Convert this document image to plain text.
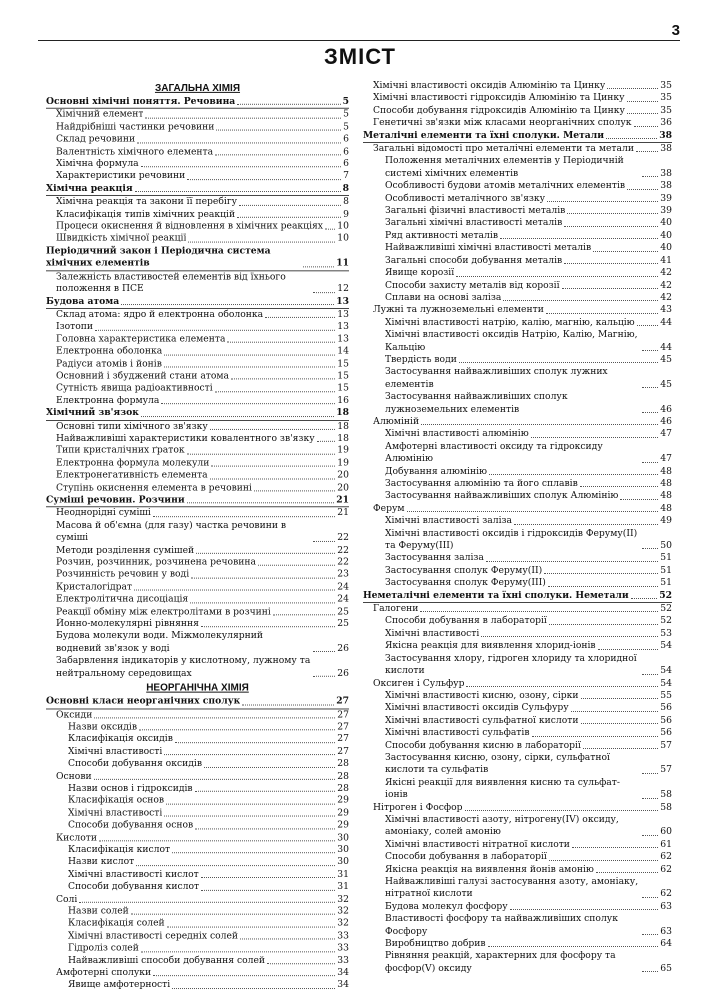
3
ЗМІСТ
ЗАГАЛЬНА ХІМІЯ
Основні хімічні поняття. Речовина	5
Хімічний елемент	5
Найдрібніші частинки речовини	5
Склад речовини	6
Валентність хімічного елемента	6
Хімічна формула	6
Характеристики речовини	7
Хімічна реакція	8
Хімічна реакція та закони її перебігу	8
Класифікація типів хімічних реакцій	9
Процеси окиснення й відновлення в хімічних реакціях 10
Швидкість хімічної реакції	10
Періодичний закон і Періодична система хімічних елементів	11
Залежність властивостей елементів від їхнього положення в ПСЕ	12
Будова атома	13
Склад атома: ядро й електронна оболонка	13
Ізотопи	13
Головна характеристика елемента	13
Електронна оболонка	14
Радіуси атомів і йонів	15
Основний і збуджений стани атома	15
Сутність явища радіоактивності	15
Електронна формула	16
Хімічний зв'язок	18
Основні типи хімічного зв'язку	18
Найважливіші характеристики ковалентного зв'язку 18
Типи кристалічних ґраток	19
Електронна формула молекули	19
Електронегативність елемента	20
Ступінь окиснення елемента в речовині	20
Суміші речовин. Розчини	21
Неоднорідні суміші	21
Масова й об'ємна (для газу) частка речовини в суміші	22
Методи розділення сумішей	22
Розчин, розчинник, розчинена речовина	22
Розчинність речовин у воді	23
Кристалогідрат	24
Електролітична дисоціація	24
Реакції обміну між електролітами в розчині	25
Йонно-молекулярні рівняння	25
Будова молекули води. Міжмолекулярний водневий зв'язок у воді	26
Забарвлення індикаторів у кислотному, лужному та нейтральному середовищах	26
НЕОРГАНІЧНА ХІМІЯ
Основні класи неорганічних сполук	27
Оксиди	27
Назви оксидів	27
Класифікація оксидів	27
Хімічні властивості	27
Способи добування оксидів	28
Основи	28
Назви основ і гідроксидів	28
Класифікація основ	29
Хімічні властивості	29
Способи добування основ	29
Кислоти	30
Класифікація кислот	30
Назви кислот	30
Хімічні властивості кислот	31
Способи добування кислот	31
Солі	32
Назви солей	32
Класифікація солей	32
Хімічні властивості середніх солей	33
Гідроліз солей	33
Найважливіші способи добування солей	33
Амфотерні сполуки	34
Явище амфотерності	34
Хімічні властивості оксидів Алюмінію та Цинку	35
Хімічні властивості гідроксидів Алюмінію та Цинку	35
Способи добування гідроксидів Алюмінію та Цинку	35
Генетичні зв'язки між класами неорганічних сполук	36
Металічні елементи та їхні сполуки. Метали	38
Загальні відомості про металічні елементи та метали	38
Положення металічних елементів у Періодичній системі хімічних елементів	38
Особливості будови атомів металічних елементів	38
Особливості металічного зв'язку	39
Загальні фізичні властивості металів	39
Загальні хімічні властивості металів	40
Ряд активності металів	40
Найважливіші хімічні властивості металів	40
Загальні способи добування металів	41
Явище корозії	42
Способи захисту металів від корозії	42
Сплави на основі заліза	42
Лужні та лужноземельні елементи	43
Хімічні властивості натрію, калію, магнію, кальцію	44
Хімічні властивості оксидів Натрію, Калію, Магнію, Кальцію	44
Твердість води	45
Застосування найважливіших сполук лужних елементів	45
Застосування найважливіших сполук лужноземельних елементів	46
Алюміній	46
Хімічні властивості алюмінію	47
Амфотерні властивості оксиду та гідроксиду Алюмінію	47
Добування алюмінію	48
Застосування алюмінію та його сплавів	48
Застосування найважливіших сполук Алюмінію	48
Ферум	48
Хімічні властивості заліза	49
Хімічні властивості оксидів і гідроксидів Феруму(ІІ) та Феруму(ІІІ)	50
Застосування заліза	51
Застосування сполук Феруму(ІІ)	51
Застосування сполук Феруму(ІІІ)	51
Неметалічні елементи та їхні сполуки. Неметали	52
Галогени	52
Способи добування в лабораторії	52
Хімічні властивості	53
Якісна реакція для виявлення хлорид-іонів	54
Застосування хлору, гідроген хлориду та хлоридної кислоти	54
Оксиген і Сульфур	54
Хімічні властивості кисню, озону, сірки	55
Хімічні властивості оксидів Сульфуру	56
Хімічні властивості сульфатної кислоти	56
Хімічні властивості сульфатів	56
Способи добування кисню в лабораторії	57
Застосування кисню, озону, сірки, сульфатної кислоти та сульфатів	57
Якісні реакції для виявлення кисню та сульфат-іонів	58
Нітроген і Фосфор	58
Хімічні властивості азоту, нітрогену(IV) оксиду, амоніаку, солей амонію	60
Хімічні властивості нітратної кислоти	61
Способи добування в лабораторії	62
Якісна реакція на виявлення йонів амонію	62
Найважливіші галузі застосування азоту, амоніаку, нітратної кислоти	62
Будова молекул фосфору	63
Властивості фосфору та найважливіших сполук Фосфору	63
Виробництво добрив	64
Рівняння реакцій, характерних для фосфору та фосфор(V) оксиду	65
